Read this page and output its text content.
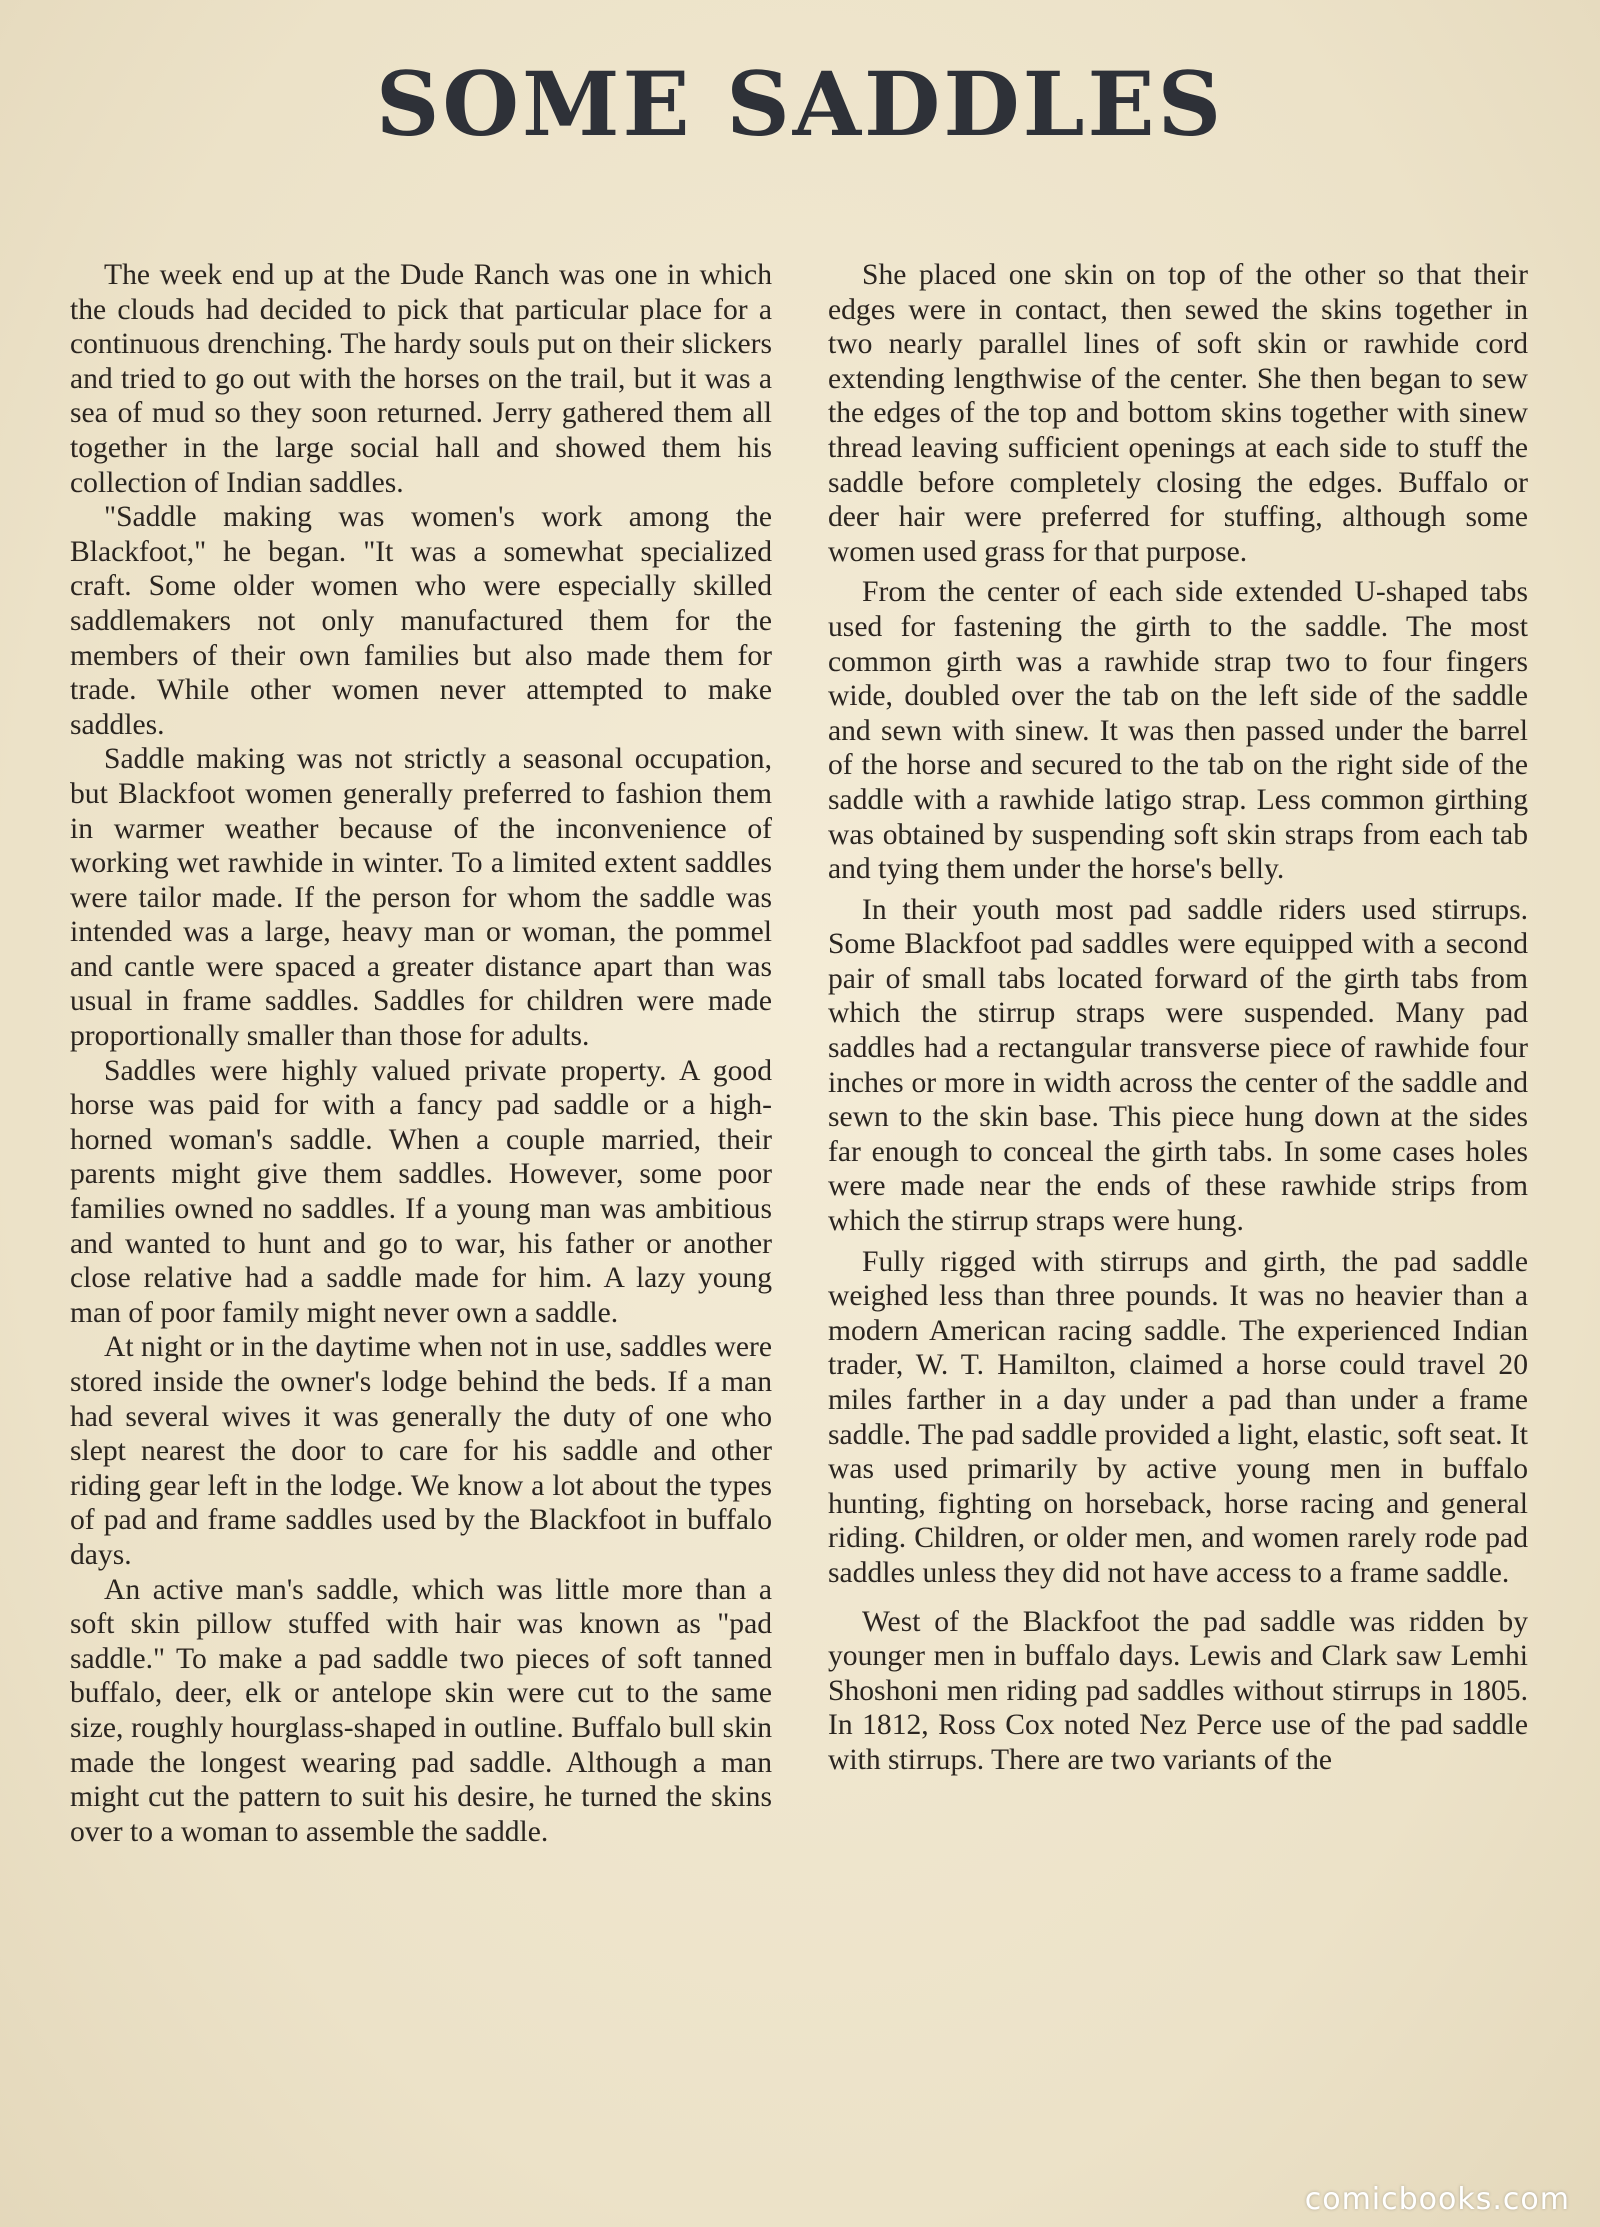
SOME SADDLES

The week end up at the Dude Ranch was one in which the clouds had decided to pick that particular place for a continuous drenching. The hardy souls put on their slickers and tried to go out with the horses on the trail, but it was a sea of mud so they soon returned. Jerry gathered them all together in the large social hall and showed them his collection of Indian saddles.

"Saddle making was women's work among the Blackfoot," he began. "It was a somewhat specialized craft. Some older women who were especially skilled saddlemakers not only manufactured them for the members of their own families but also made them for trade. While other women never attempted to make saddles.

Saddle making was not strictly a seasonal occupation, but Blackfoot women generally preferred to fashion them in warmer weather because of the inconvenience of working wet rawhide in winter. To a limited extent saddles were tailor made. If the person for whom the saddle was intended was a large, heavy man or woman, the pommel and cantle were spaced a greater distance apart than was usual in frame saddles. Saddles for children were made proportionally smaller than those for adults.

Saddles were highly valued private property. A good horse was paid for with a fancy pad saddle or a high-horned woman's saddle. When a couple married, their parents might give them saddles. However, some poor families owned no saddles. If a young man was ambitious and wanted to hunt and go to war, his father or another close relative had a saddle made for him. A lazy young man of poor family might never own a saddle.

At night or in the daytime when not in use, saddles were stored inside the owner's lodge behind the beds. If a man had several wives it was generally the duty of one who slept nearest the door to care for his saddle and other riding gear left in the lodge. We know a lot about the types of pad and frame saddles used by the Blackfoot in buffalo days.

An active man's saddle, which was little more than a soft skin pillow stuffed with hair was known as "pad saddle." To make a pad saddle two pieces of soft tanned buffalo, deer, elk or antelope skin were cut to the same size, roughly hourglass-shaped in outline. Buffalo bull skin made the longest wearing pad saddle. Although a man might cut the pattern to suit his desire, he turned the skins over to a woman to assemble the saddle.

She placed one skin on top of the other so that their edges were in contact, then sewed the skins together in two nearly parallel lines of soft skin or rawhide cord extending lengthwise of the center. She then began to sew the edges of the top and bottom skins together with sinew thread leaving sufficient openings at each side to stuff the saddle before completely closing the edges. Buffalo or deer hair were preferred for stuffing, although some women used grass for that purpose.

From the center of each side extended U-shaped tabs used for fastening the girth to the saddle. The most common girth was a rawhide strap two to four fingers wide, doubled over the tab on the left side of the saddle and sewn with sinew. It was then passed under the barrel of the horse and secured to the tab on the right side of the saddle with a rawhide latigo strap. Less common girthing was obtained by suspending soft skin straps from each tab and tying them under the horse's belly.

In their youth most pad saddle riders used stirrups. Some Blackfoot pad saddles were equipped with a second pair of small tabs located forward of the girth tabs from which the stirrup straps were suspended. Many pad saddles had a rectangular transverse piece of rawhide four inches or more in width across the center of the saddle and sewn to the skin base. This piece hung down at the sides far enough to conceal the girth tabs. In some cases holes were made near the ends of these rawhide strips from which the stirrup straps were hung.

Fully rigged with stirrups and girth, the pad saddle weighed less than three pounds. It was no heavier than a modern American racing saddle. The experienced Indian trader, W. T. Hamilton, claimed a horse could travel 20 miles farther in a day under a pad than under a frame saddle. The pad saddle provided a light, elastic, soft seat. It was used primarily by active young men in buffalo hunting, fighting on horseback, horse racing and general riding. Children, or older men, and women rarely rode pad saddles unless they did not have access to a frame saddle.

West of the Blackfoot the pad saddle was ridden by younger men in buffalo days. Lewis and Clark saw Lemhi Shoshoni men riding pad saddles without stirrups in 1805. In 1812, Ross Cox noted Nez Perce use of the pad saddle with stirrups. There are two variants of the

comicbooks.com
